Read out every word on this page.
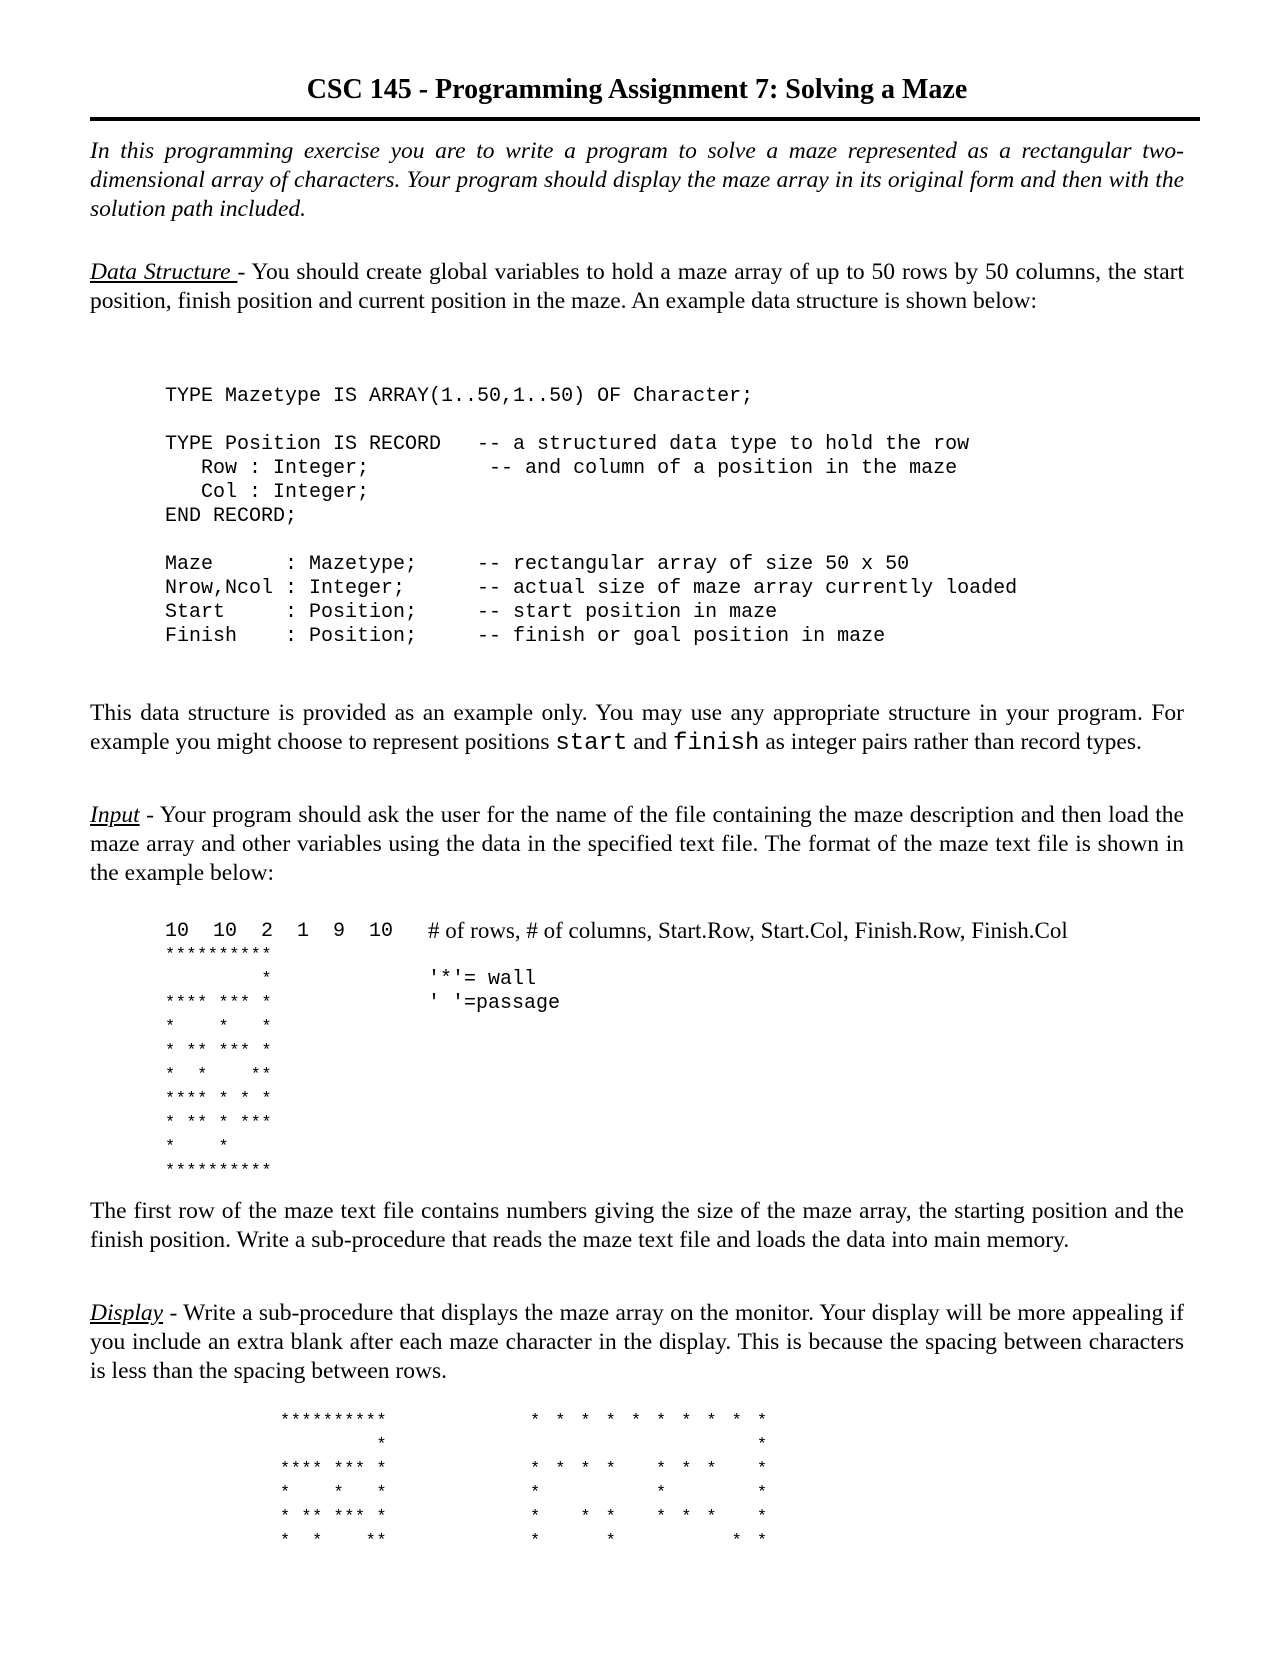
CSC 145 - Programming Assignment 7: Solving a Maze

In this programming exercise you are to write a program to solve a maze represented as a rectangular two-dimensional array of characters. Your program should display the maze array in its original form and then with the solution path included.

Data Structure - You should create global variables to hold a maze array of up to 50 rows by 50 columns, the start position, finish position and current position in the maze. An example data structure is shown below:

TYPE Mazetype IS ARRAY(1..50,1..50) OF Character;
TYPE Position IS RECORD   -- a structured data type to hold the row
Row : Integer;          -- and column of a position in the maze
Col : Integer;
END RECORD;
Maze      : Mazetype;     -- rectangular array of size 50 x 50
Nrow,Ncol : Integer;      -- actual size of maze array currently loaded
Start     : Position;     -- start position in maze
Finish    : Position;     -- finish or goal position in maze

This data structure is provided as an example only. You may use any appropriate structure in your program. For example you might choose to represent positions start and finish as integer pairs rather than record types.

Input - Your program should ask the user for the name of the file containing the maze description and then load the maze array and other variables using the data in the specified text file. The format of the maze text file is shown in the example below:

10  10  2  1  9  10 # of rows, # of columns, Start.Row, Start.Col, Finish.Row, Finish.Col
**********
*
**** *** *
*    *   *
* ** *** *
*  *    **
**** * * *
* ** * ***
*    *
**********
'*'= wall
' '=passage

The first row of the maze text file contains numbers giving the size of the maze array, the starting position and the finish position. Write a sub-procedure that reads the maze text file and loads the data into main memory.

Display - Write a sub-procedure that displays the maze array on the monitor. Your display will be more appealing if you include an extra blank after each maze character in the display. This is because the spacing between characters is less than the spacing between rows.

**********
*
**** *** *
*    *   *
* ** *** *
*  *    **
* * * * * * * * * *
*
* * * *   * * *   *
*         *       *
*   * *   * * *   *
*     *         * *
